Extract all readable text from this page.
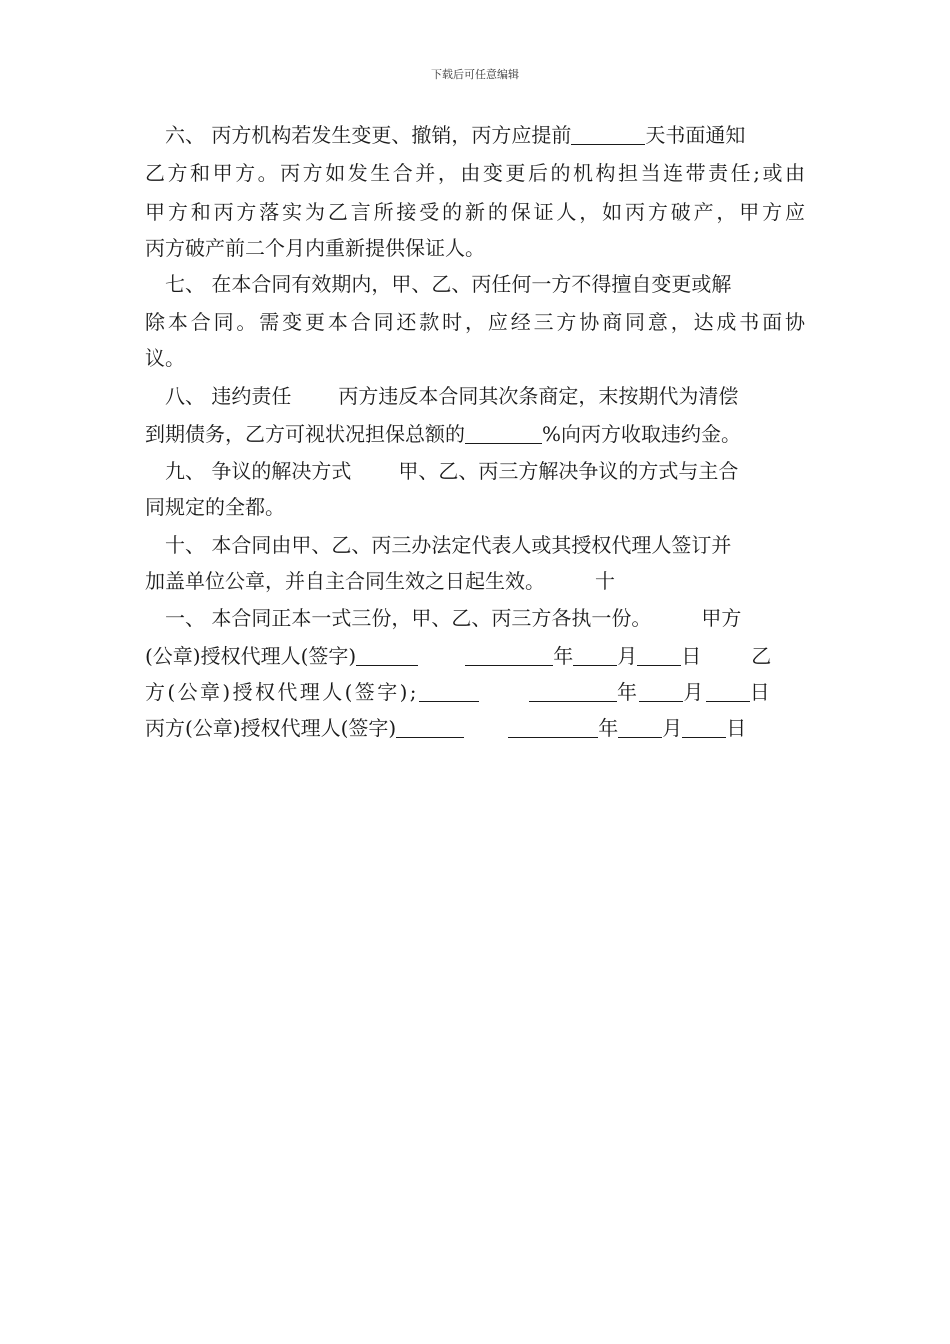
下载后可任意编辑
六、 丙方机构若发生变更、撤销，丙方应提前	天书面通知
乙方和甲方。丙方如发生合并，由变更后的机构担当连带责任;或由
甲方和丙方落实为乙言所接受的新的保证人，如丙方破产，甲方应
丙方破产前二个月内重新提供保证人。
七、 在本合同有效期内，甲、乙、丙任何一方不得擅自变更或解
除本合同。需变更本合同还款时，应经三方协商同意，达成书面协
议。
八、 违约责任 丙方违反本合同其次条商定，末按期代为清偿
到期债务，乙方可视状况担保总额的	%向丙方收取违约金。
九、 争议的解决方式 甲、乙、丙三方解决争议的方式与主合
同规定的全都。
十、 本合同由甲、乙、丙三办法定代表人或其授权代理人签订并
加盖单位公章，并自主合同生效之日起生效。	十
一、 本合同正本一式三份，甲、乙、丙三方各执一份。	甲方
(公章)授权代理人(签字)	年 月 日	乙
方(公章)授权代理人(签字);	年 月 日
丙方(公章)授权代理人(签字)	年 月 日
